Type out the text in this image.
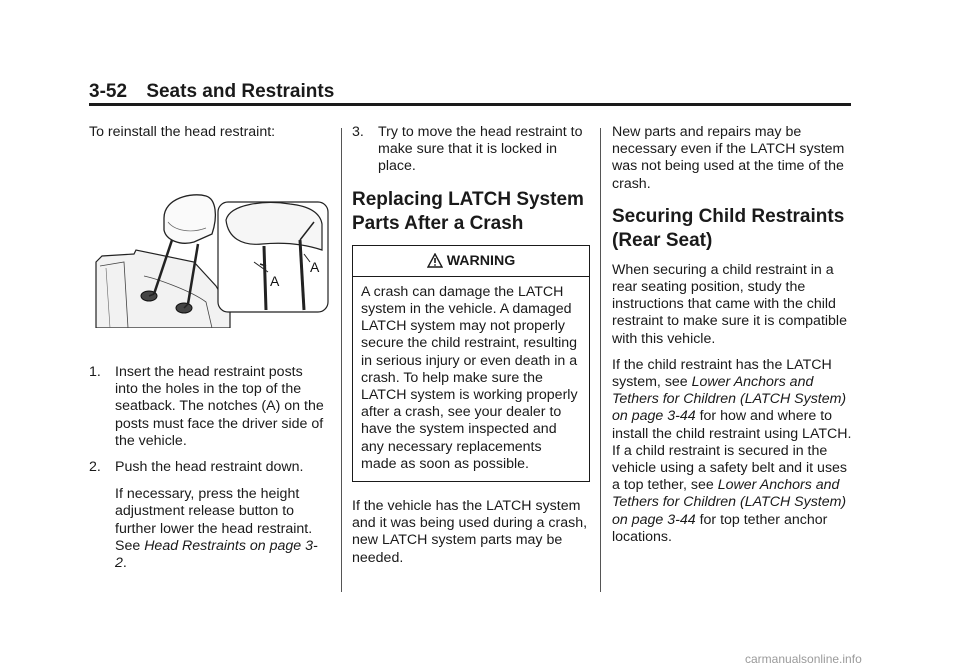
3-52 Seats and Restraints

To reinstall the head restraint:

A
A
1. Insert the head restraint posts into the holes in the top of the seatback. The notches (A) on the posts must face the driver side of the vehicle.
2. Push the head restraint down.
If necessary, press the height adjustment release button to further lower the head restraint. See Head Restraints on page 3-2.
3. Try to move the head restraint to make sure that it is locked in place.
Replacing LATCH System Parts After a Crash
WARNING
A crash can damage the LATCH system in the vehicle. A damaged LATCH system may not properly secure the child restraint, resulting in serious injury or even death in a crash. To help make sure the LATCH system is working properly after a crash, see your dealer to have the system inspected and any necessary replacements made as soon as possible.

If the vehicle has the LATCH system and it was being used during a crash, new LATCH system parts may be needed.

New parts and repairs may be necessary even if the LATCH system was not being used at the time of the crash.

Securing Child Restraints (Rear Seat)

When securing a child restraint in a rear seating position, study the instructions that came with the child restraint to make sure it is compatible with this vehicle.

If the child restraint has the LATCH system, see Lower Anchors and Tethers for Children (LATCH System) on page 3-44 for how and where to install the child restraint using LATCH. If a child restraint is secured in the vehicle using a safety belt and it uses a top tether, see Lower Anchors and Tethers for Children (LATCH System) on page 3-44 for top tether anchor locations.

carmanualsonline.info
